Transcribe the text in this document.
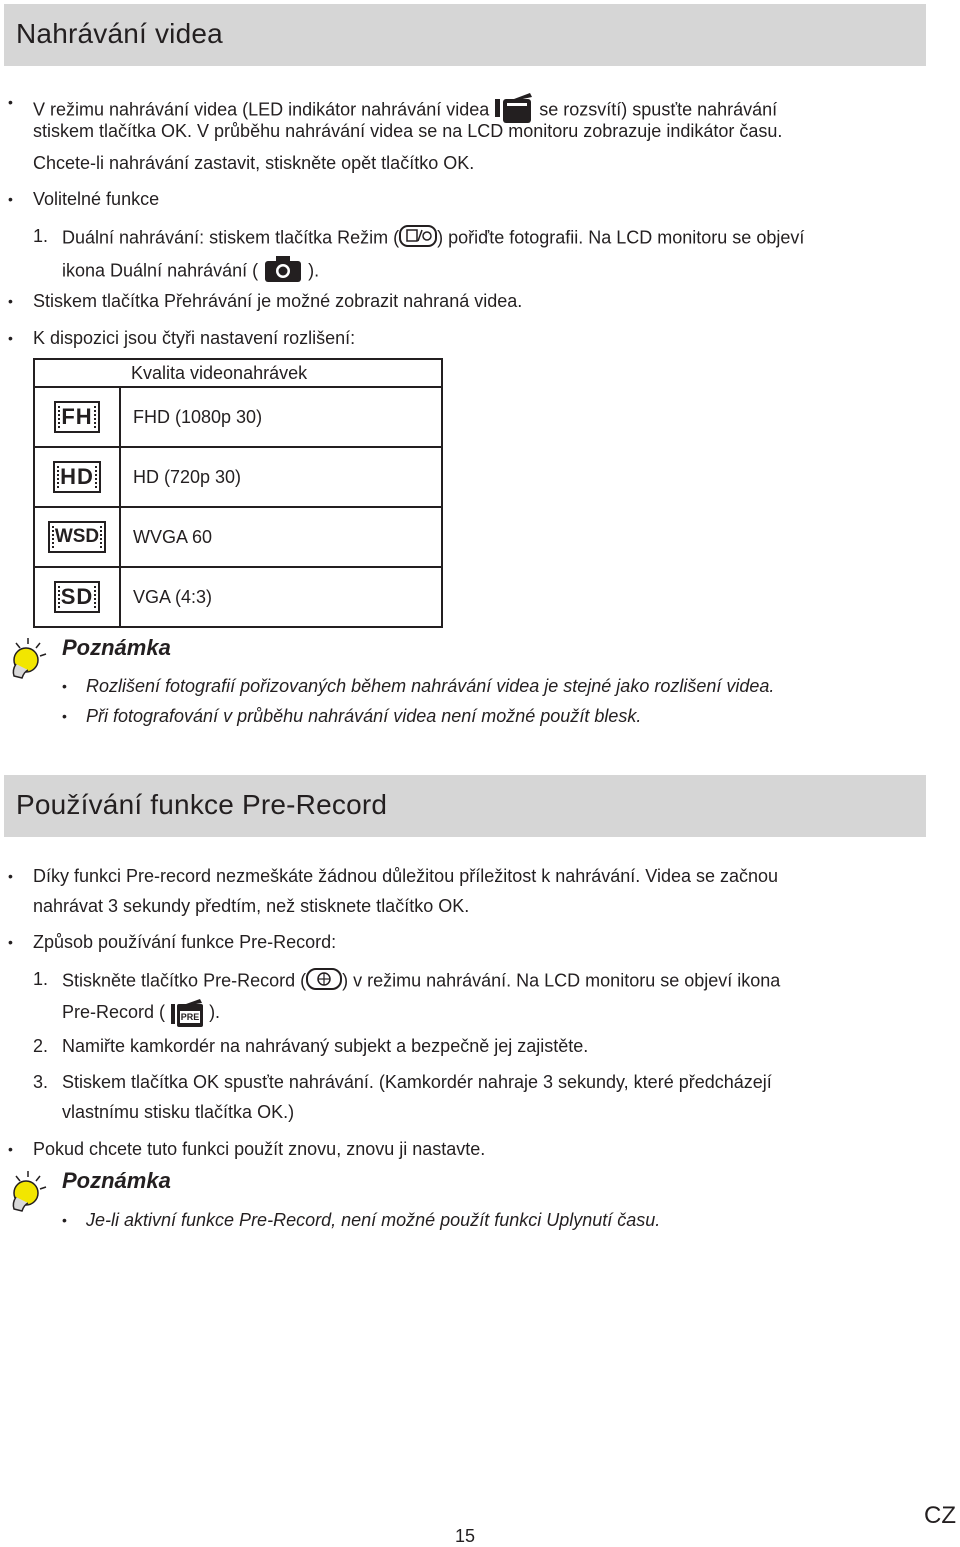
Nahrávání videa
• V režimu nahrávání videa (LED indikátor nahrávání videa	se rozsvítí) spusťte nahrávání
stiskem tlačítka OK. V průběhu nahrávání videa se na LCD monitoru zobrazuje indikátor času.
Chcete-li nahrávání zastavit, stiskněte opět tlačítko OK.
• Volitelné funkce
1. Duální nahrávání: stiskem tlačítka Režim ( ) pořiďte fotografii. Na LCD monitoru se objeví
ikona Duální nahrávání (	).
• Stiskem tlačítka Přehrávání je možné zobrazit nahraná videa.
• K dispozici jsou čtyři nastavení rozlišení:
Kvalita videonahrávek	
FH	FHD (1080p 30)
HD	HD (720p 30)
WSD	WVGA 60
SD	VGA (4:3)
Poznámka
• Rozlišení fotografií pořizovaných během nahrávání videa je stejné jako rozlišení videa.
• Při fotografování v průběhu nahrávání videa není možné použít blesk.
Používání funkce Pre-Record
• Díky funkci Pre-record nezmeškáte žádnou důležitou příležitost k nahrávání. Videa se začnou
nahrávat 3 sekundy předtím, než stisknete tlačítko OK.
• Způsob používání funkce Pre-Record:
1. Stiskněte tlačítko Pre-Record ( ) v režimu nahrávání. Na LCD monitoru se objeví ikona
Pre-Record ( PRE ).
2. Namiřte kamkordér na nahrávaný subjekt a bezpečně jej zajistěte.
3. Stiskem tlačítka OK spusťte nahrávání. (Kamkordér nahraje 3 sekundy, které předcházejí
vlastnímu stisku tlačítka OK.)
• Pokud chcete tuto funkci použít znovu, znovu ji nastavte.
Poznámka
• Je-li aktivní funkce Pre-Record, není možné použít funkci Uplynutí času.
15
CZ
